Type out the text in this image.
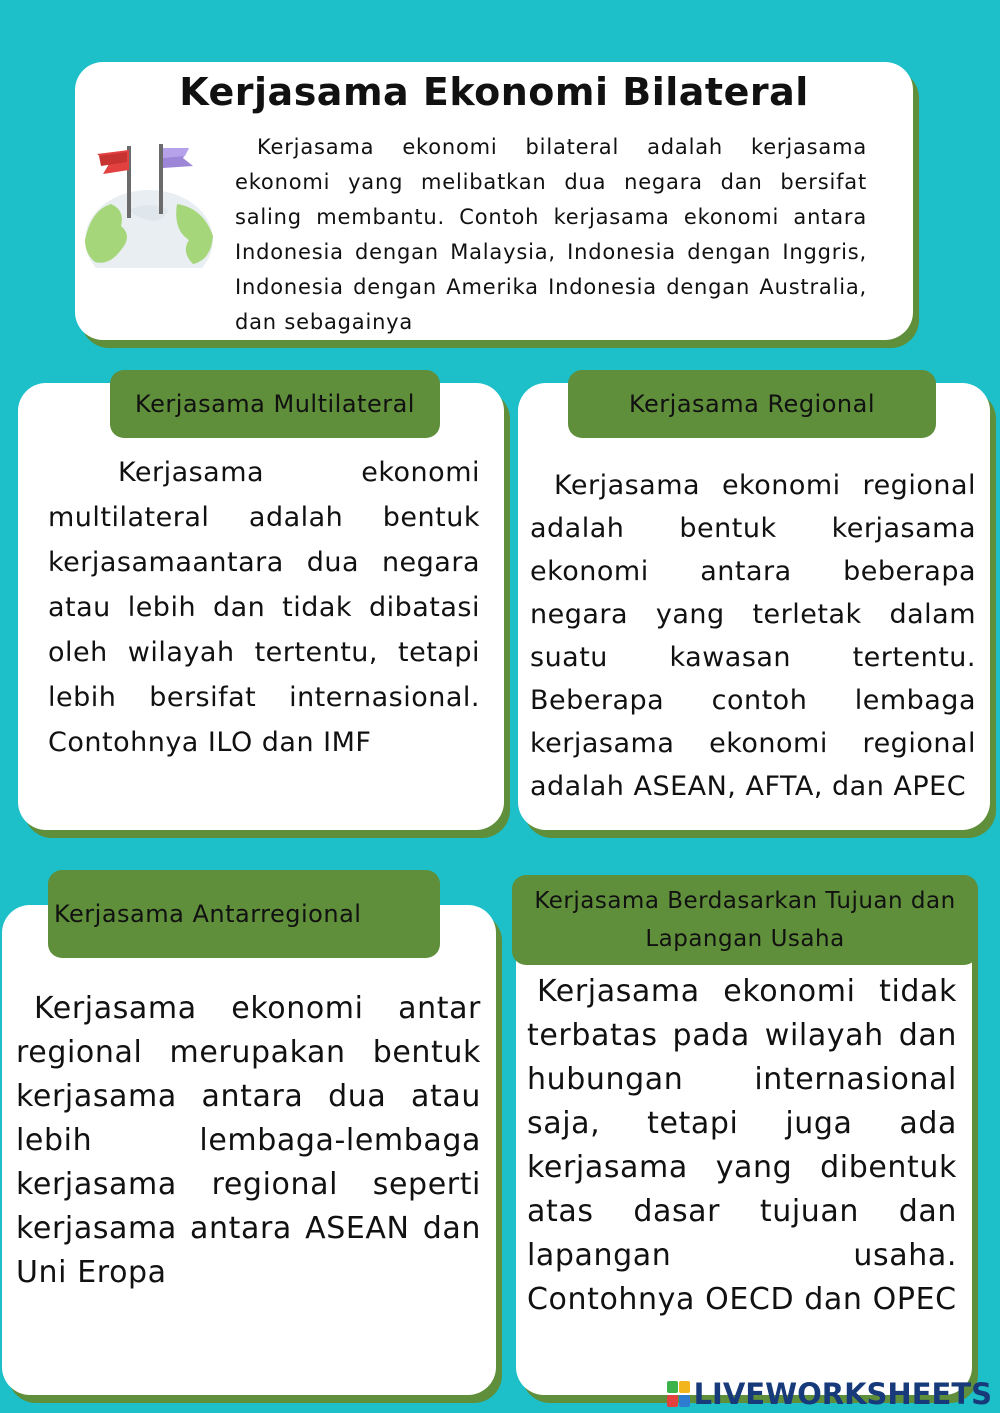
Kerjasama Ekonomi Bilateral

Kerjasama ekonomi bilateral adalah kerjasama ekonomi yang melibatkan dua negara dan bersifat saling membantu. Contoh kerjasama ekonomi antara Indonesia dengan Malaysia, Indonesia dengan Inggris, Indonesia dengan Amerika Indonesia dengan Australia, dan sebagainya

Kerjasama Multilateral

Kerjasama ekonomi multilateral adalah bentuk kerjasamaantara dua negara atau lebih dan tidak dibatasi oleh wilayah tertentu, tetapi lebih bersifat internasional. Contohnya ILO dan IMF

Kerjasama Regional

Kerjasama ekonomi regional adalah bentuk kerjasama ekonomi antara beberapa negara yang terletak dalam suatu kawasan tertentu. Beberapa contoh lembaga kerjasama ekonomi regional adalah ASEAN, AFTA, dan APEC

Kerjasama Antarregional

Kerjasama ekonomi antar regional merupakan bentuk kerjasama antara dua atau lebih lembaga-lembaga kerjasama regional seperti kerjasama antara ASEAN dan Uni Eropa

Kerjasama Berdasarkan Tujuan dan Lapangan Usaha

Kerjasama ekonomi tidak terbatas pada wilayah dan hubungan internasional saja, tetapi juga ada kerjasama yang dibentuk atas dasar tujuan dan lapangan usaha. Contohnya OECD dan OPEC

LIVEWORKSHEETS
